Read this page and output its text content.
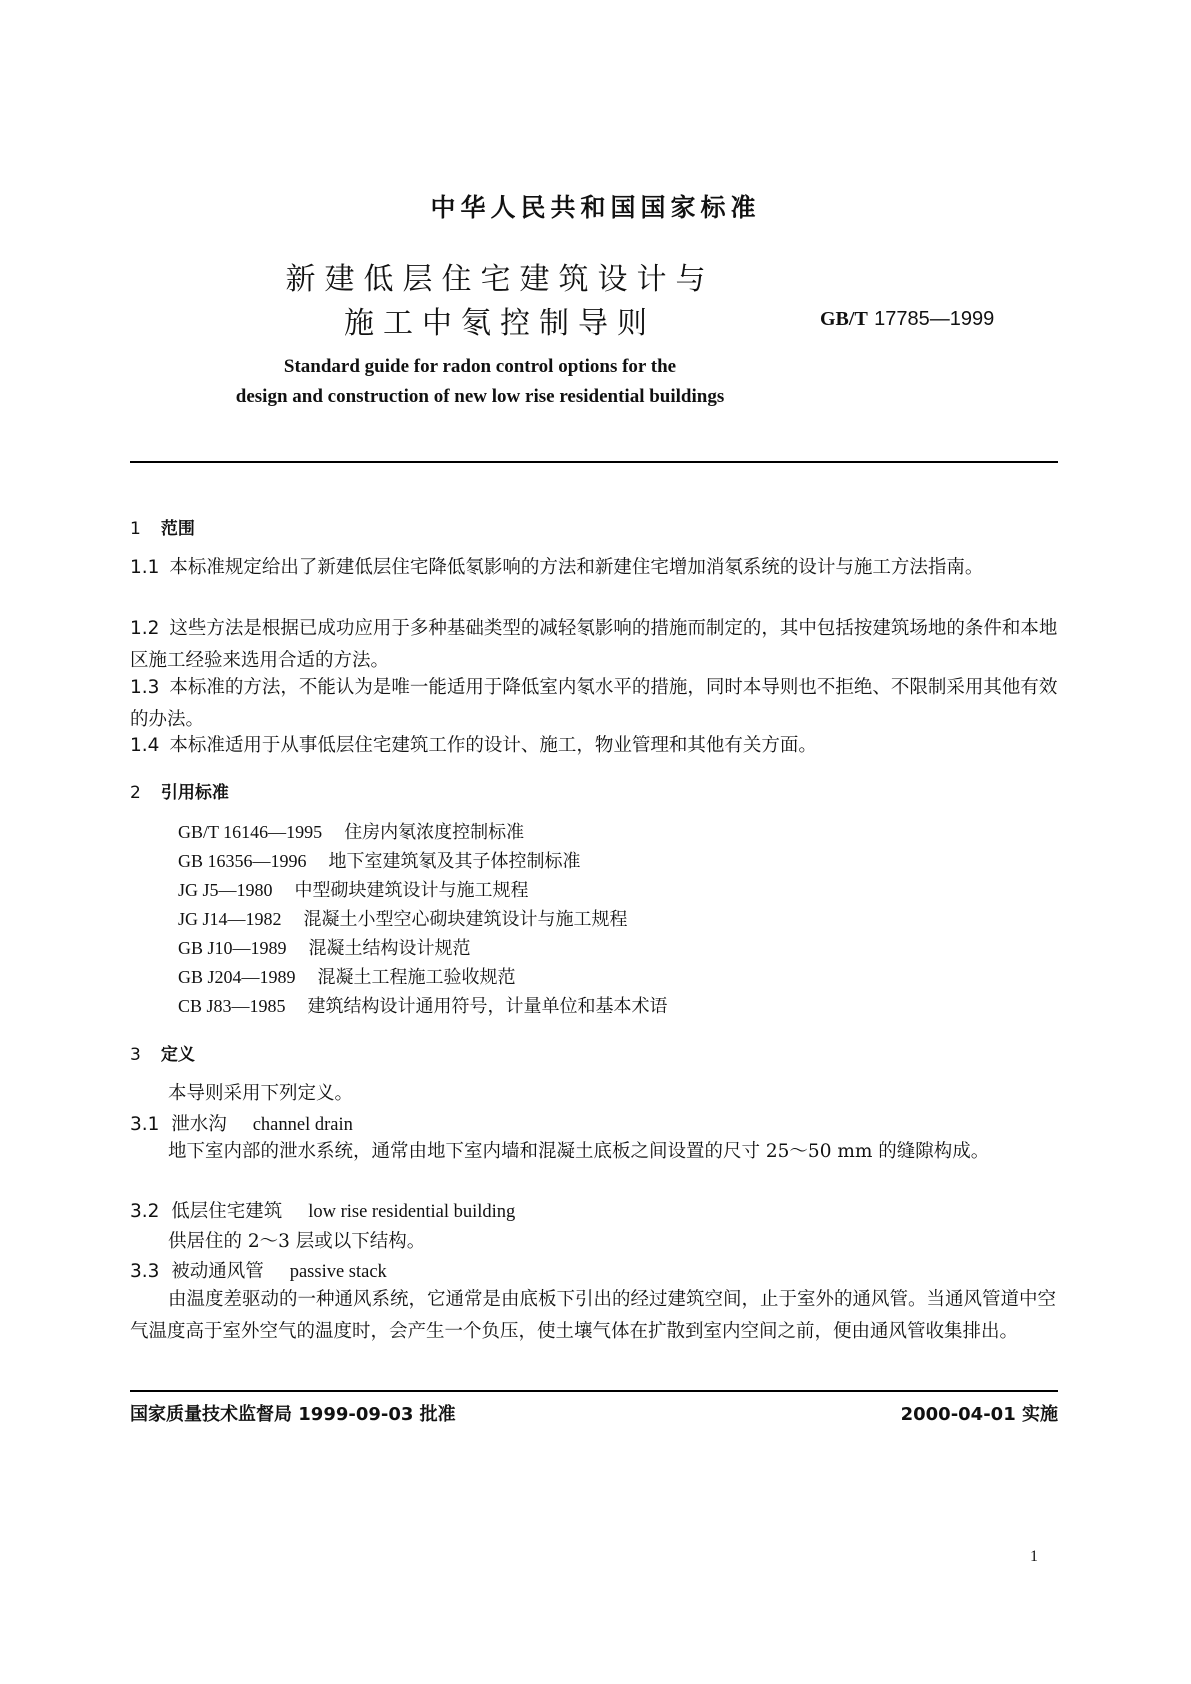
中华人民共和国国家标准
新建低层住宅建筑设计与
施工中氡控制导则	GB/T 17785—1999
Standard guide for radon control options for the
design and construction of new low rise residential buildings
1 范围
1.1 本标准规定给出了新建低层住宅降低氡影响的方法和新建住宅增加消氡系统的设计与施工方法指南。
1.2 这些方法是根据已成功应用于多种基础类型的减轻氡影响的措施而制定的，其中包括按建筑场地的条件和本地区施工经验来选用合适的方法。
1.3 本标准的方法，不能认为是唯一能适用于降低室内氡水平的措施，同时本导则也不拒绝、不限制采用其他有效的办法。
1.4 本标准适用于从事低层住宅建筑工作的设计、施工，物业管理和其他有关方面。
2 引用标准
GB/T 16146—1995 住房内氡浓度控制标准
GB 16356—1996 地下室建筑氡及其子体控制标准
JG J5—1980 中型砌块建筑设计与施工规程
JG J14—1982 混凝土小型空心砌块建筑设计与施工规程
GB J10—1989 混凝土结构设计规范
GB J204—1989 混凝土工程施工验收规范
CB J83—1985 建筑结构设计通用符号，计量单位和基本术语
3 定义
本导则采用下列定义。
3.1 泄水沟 channel drain
地下室内部的泄水系统，通常由地下室内墙和混凝土底板之间设置的尺寸 25～50 mm 的缝隙构成。
3.2 低层住宅建筑 low rise residential building
供居住的 2～3 层或以下结构。
3.3 被动通风管 passive stack
由温度差驱动的一种通风系统，它通常是由底板下引出的经过建筑空间，止于室外的通风管。当通风管道中空气温度高于室外空气的温度时，会产生一个负压，使土壤气体在扩散到室内空间之前，便由通风管收集排出。
国家质量技术监督局 1999-09-03 批准	2000-04-01 实施
1
